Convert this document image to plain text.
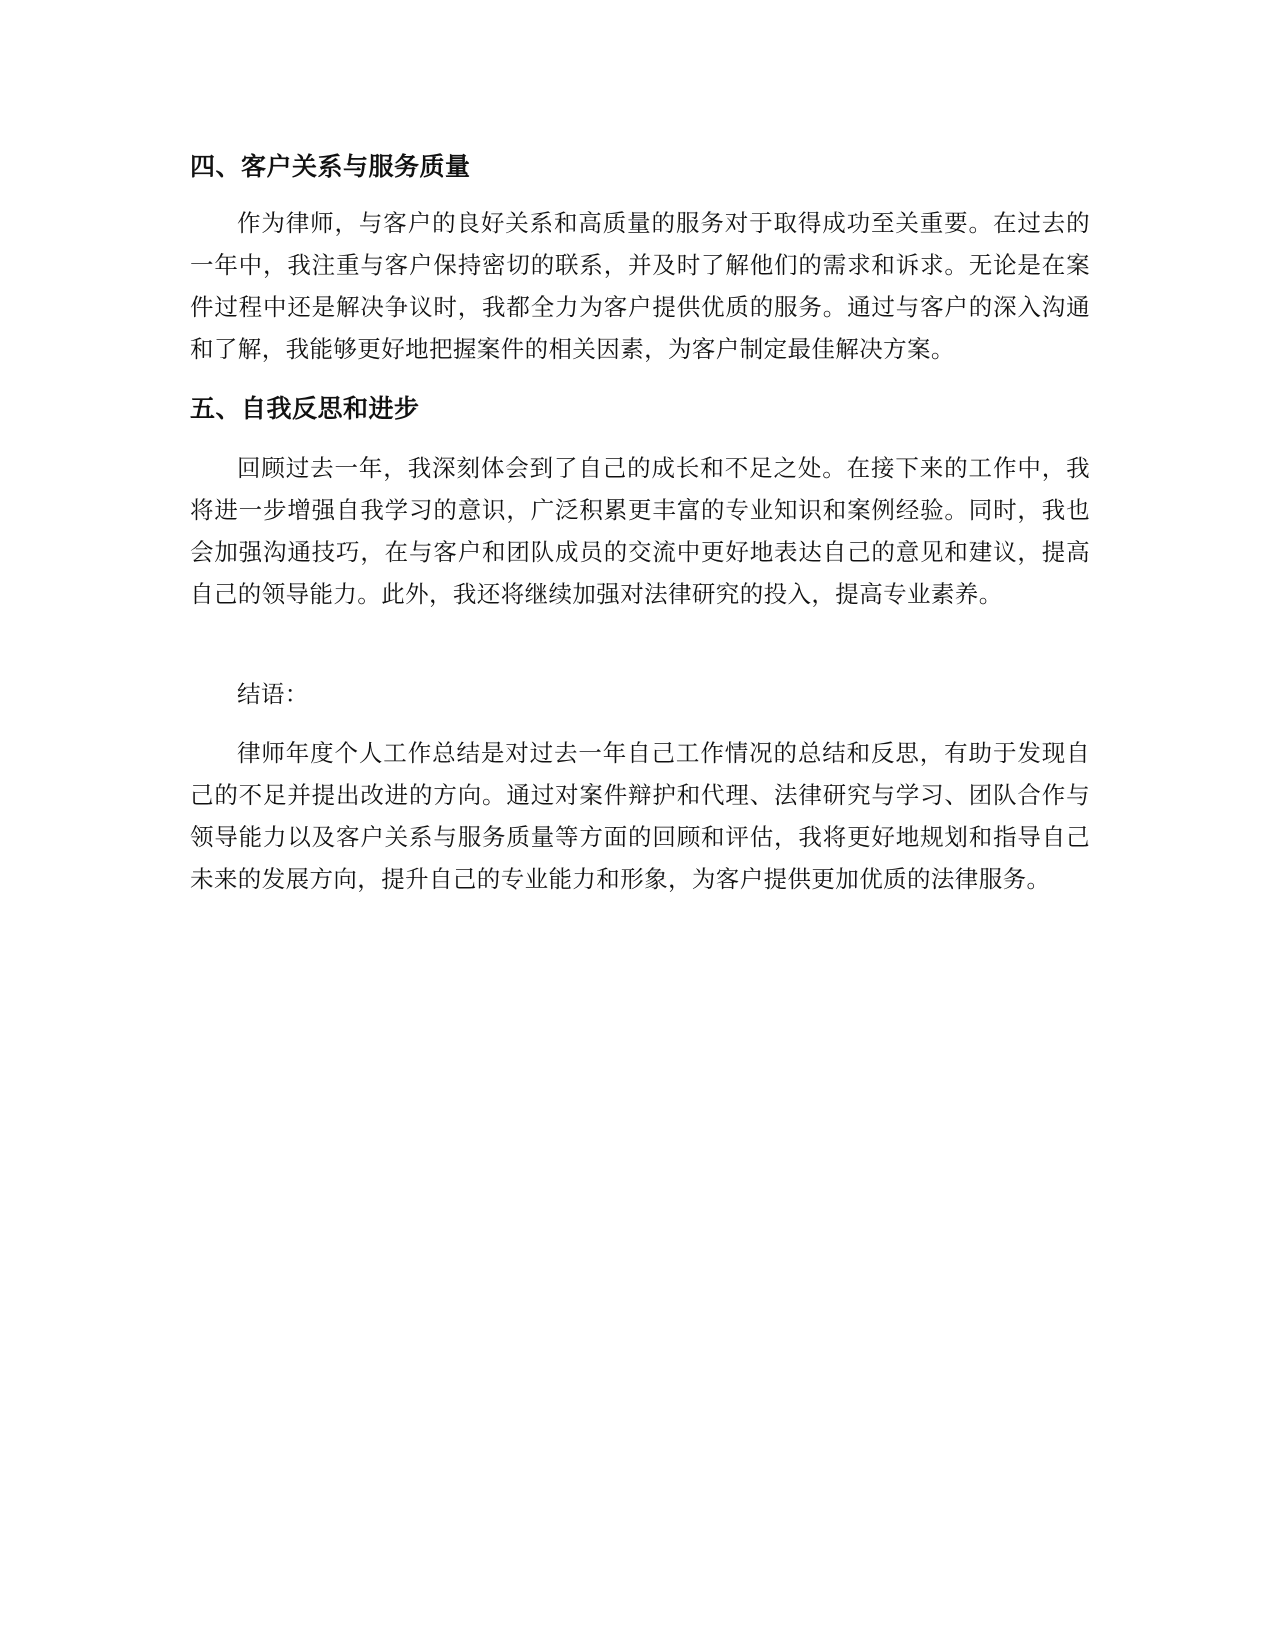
四、客户关系与服务质量

作为律师，与客户的良好关系和高质量的服务对于取得成功至关重要。在过去的一年中，我注重与客户保持密切的联系，并及时了解他们的需求和诉求。无论是在案件过程中还是解决争议时，我都全力为客户提供优质的服务。通过与客户的深入沟通和了解，我能够更好地把握案件的相关因素，为客户制定最佳解决方案。

五、自我反思和进步

回顾过去一年，我深刻体会到了自己的成长和不足之处。在接下来的工作中，我将进一步增强自我学习的意识，广泛积累更丰富的专业知识和案例经验。同时，我也会加强沟通技巧，在与客户和团队成员的交流中更好地表达自己的意见和建议，提高自己的领导能力。此外，我还将继续加强对法律研究的投入，提高专业素养。

结语：

律师年度个人工作总结是对过去一年自己工作情况的总结和反思，有助于发现自己的不足并提出改进的方向。通过对案件辩护和代理、法律研究与学习、团队合作与领导能力以及客户关系与服务质量等方面的回顾和评估，我将更好地规划和指导自己未来的发展方向，提升自己的专业能力和形象，为客户提供更加优质的法律服务。
